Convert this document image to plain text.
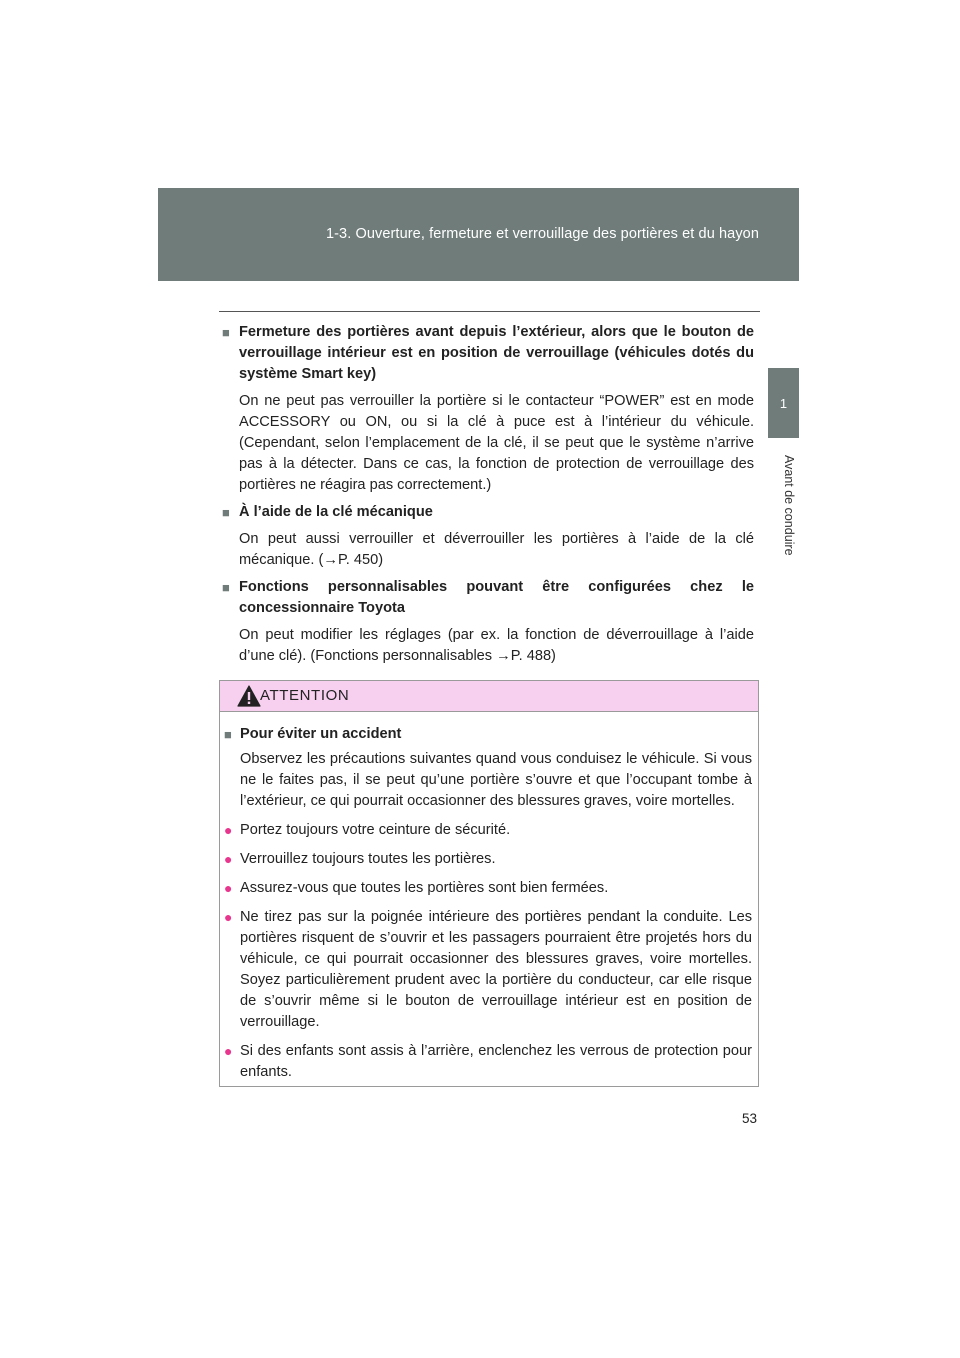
1-3. Ouverture, fermeture et verrouillage des portières et du hayon
1
Avant de conduire
■ Fermeture des portières avant depuis l’extérieur, alors que le bouton de verrouillage intérieur est en position de verrouillage (véhicules dotés du système Smart key)
On ne peut pas verrouiller la portière si le contacteur “POWER” est en mode ACCESSORY ou ON, ou si la clé à puce est à l’intérieur du véhicule. (Cependant, selon l’emplacement de la clé, il se peut que le système n’arrive pas à la détecter. Dans ce cas, la fonction de protection de verrouillage des portières ne réagira pas correctement.)
■ À l’aide de la clé mécanique
On peut aussi verrouiller et déverrouiller les portières à l’aide de la clé mécanique. (→P. 450)
■ Fonctions personnalisables pouvant être configurées chez le concessionnaire Toyota
On peut modifier les réglages (par ex. la fonction de déverrouillage à l’aide d’une clé). (Fonctions personnalisables →P. 488)
ATTENTION
■ Pour éviter un accident
Observez les précautions suivantes quand vous conduisez le véhicule. Si vous ne le faites pas, il se peut qu’une portière s’ouvre et que l’occupant tombe à l’extérieur, ce qui pourrait occasionner des blessures graves, voire mortelles.
● Portez toujours votre ceinture de sécurité.
● Verrouillez toujours toutes les portières.
● Assurez-vous que toutes les portières sont bien fermées.
● Ne tirez pas sur la poignée intérieure des portières pendant la conduite. Les portières risquent de s’ouvrir et les passagers pourraient être projetés hors du véhicule, ce qui pourrait occasionner des blessures graves, voire mortelles. Soyez particulièrement prudent avec la portière du conducteur, car elle risque de s’ouvrir même si le bouton de verrouillage intérieur est en position de verrouillage.
● Si des enfants sont assis à l’arrière, enclenchez les verrous de protection pour enfants.
53
